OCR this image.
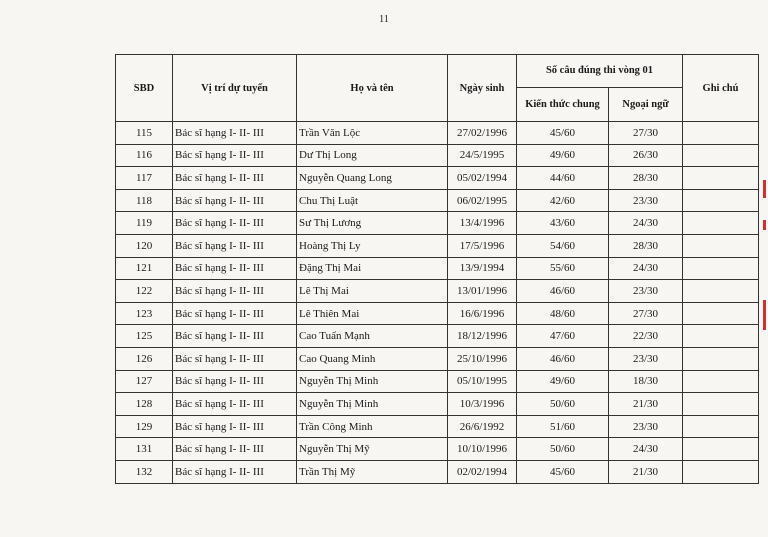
11
SBD	Vị trí dự tuyển	Họ và tên	Ngày sinh	Số câu đúng thi vòng 01		Ghi chú
				Kiến thức chung	Ngoại ngữ	
115	Bác sĩ hạng I- II- III	Trần Văn Lộc	27/02/1996	45/60	27/30	
116	Bác sĩ hạng I- II- III	Dư Thị Long	24/5/1995	49/60	26/30	
117	Bác sĩ hạng I- II- III	Nguyễn Quang Long	05/02/1994	44/60	28/30	
118	Bác sĩ hạng I- II- III	Chu Thị Luật	06/02/1995	42/60	23/30	
119	Bác sĩ hạng I- II- III	Sư Thị Lương	13/4/1996	43/60	24/30	
120	Bác sĩ hạng I- II- III	Hoàng Thị Ly	17/5/1996	54/60	28/30	
121	Bác sĩ hạng I- II- III	Đặng Thị Mai	13/9/1994	55/60	24/30	
122	Bác sĩ hạng I- II- III	Lê Thị Mai	13/01/1996	46/60	23/30	
123	Bác sĩ hạng I- II- III	Lê Thiên Mai	16/6/1996	48/60	27/30	
125	Bác sĩ hạng I- II- III	Cao Tuấn Mạnh	18/12/1996	47/60	22/30	
126	Bác sĩ hạng I- II- III	Cao Quang Minh	25/10/1996	46/60	23/30	
127	Bác sĩ hạng I- II- III	Nguyễn Thị Minh	05/10/1995	49/60	18/30	
128	Bác sĩ hạng I- II- III	Nguyễn Thị Minh	10/3/1996	50/60	21/30	
129	Bác sĩ hạng I- II- III	Trần Công Minh	26/6/1992	51/60	23/30	
131	Bác sĩ hạng I- II- III	Nguyễn Thị Mỹ	10/10/1996	50/60	24/30	
132	Bác sĩ hạng I- II- III	Trần Thị Mỹ	02/02/1994	45/60	21/30	
